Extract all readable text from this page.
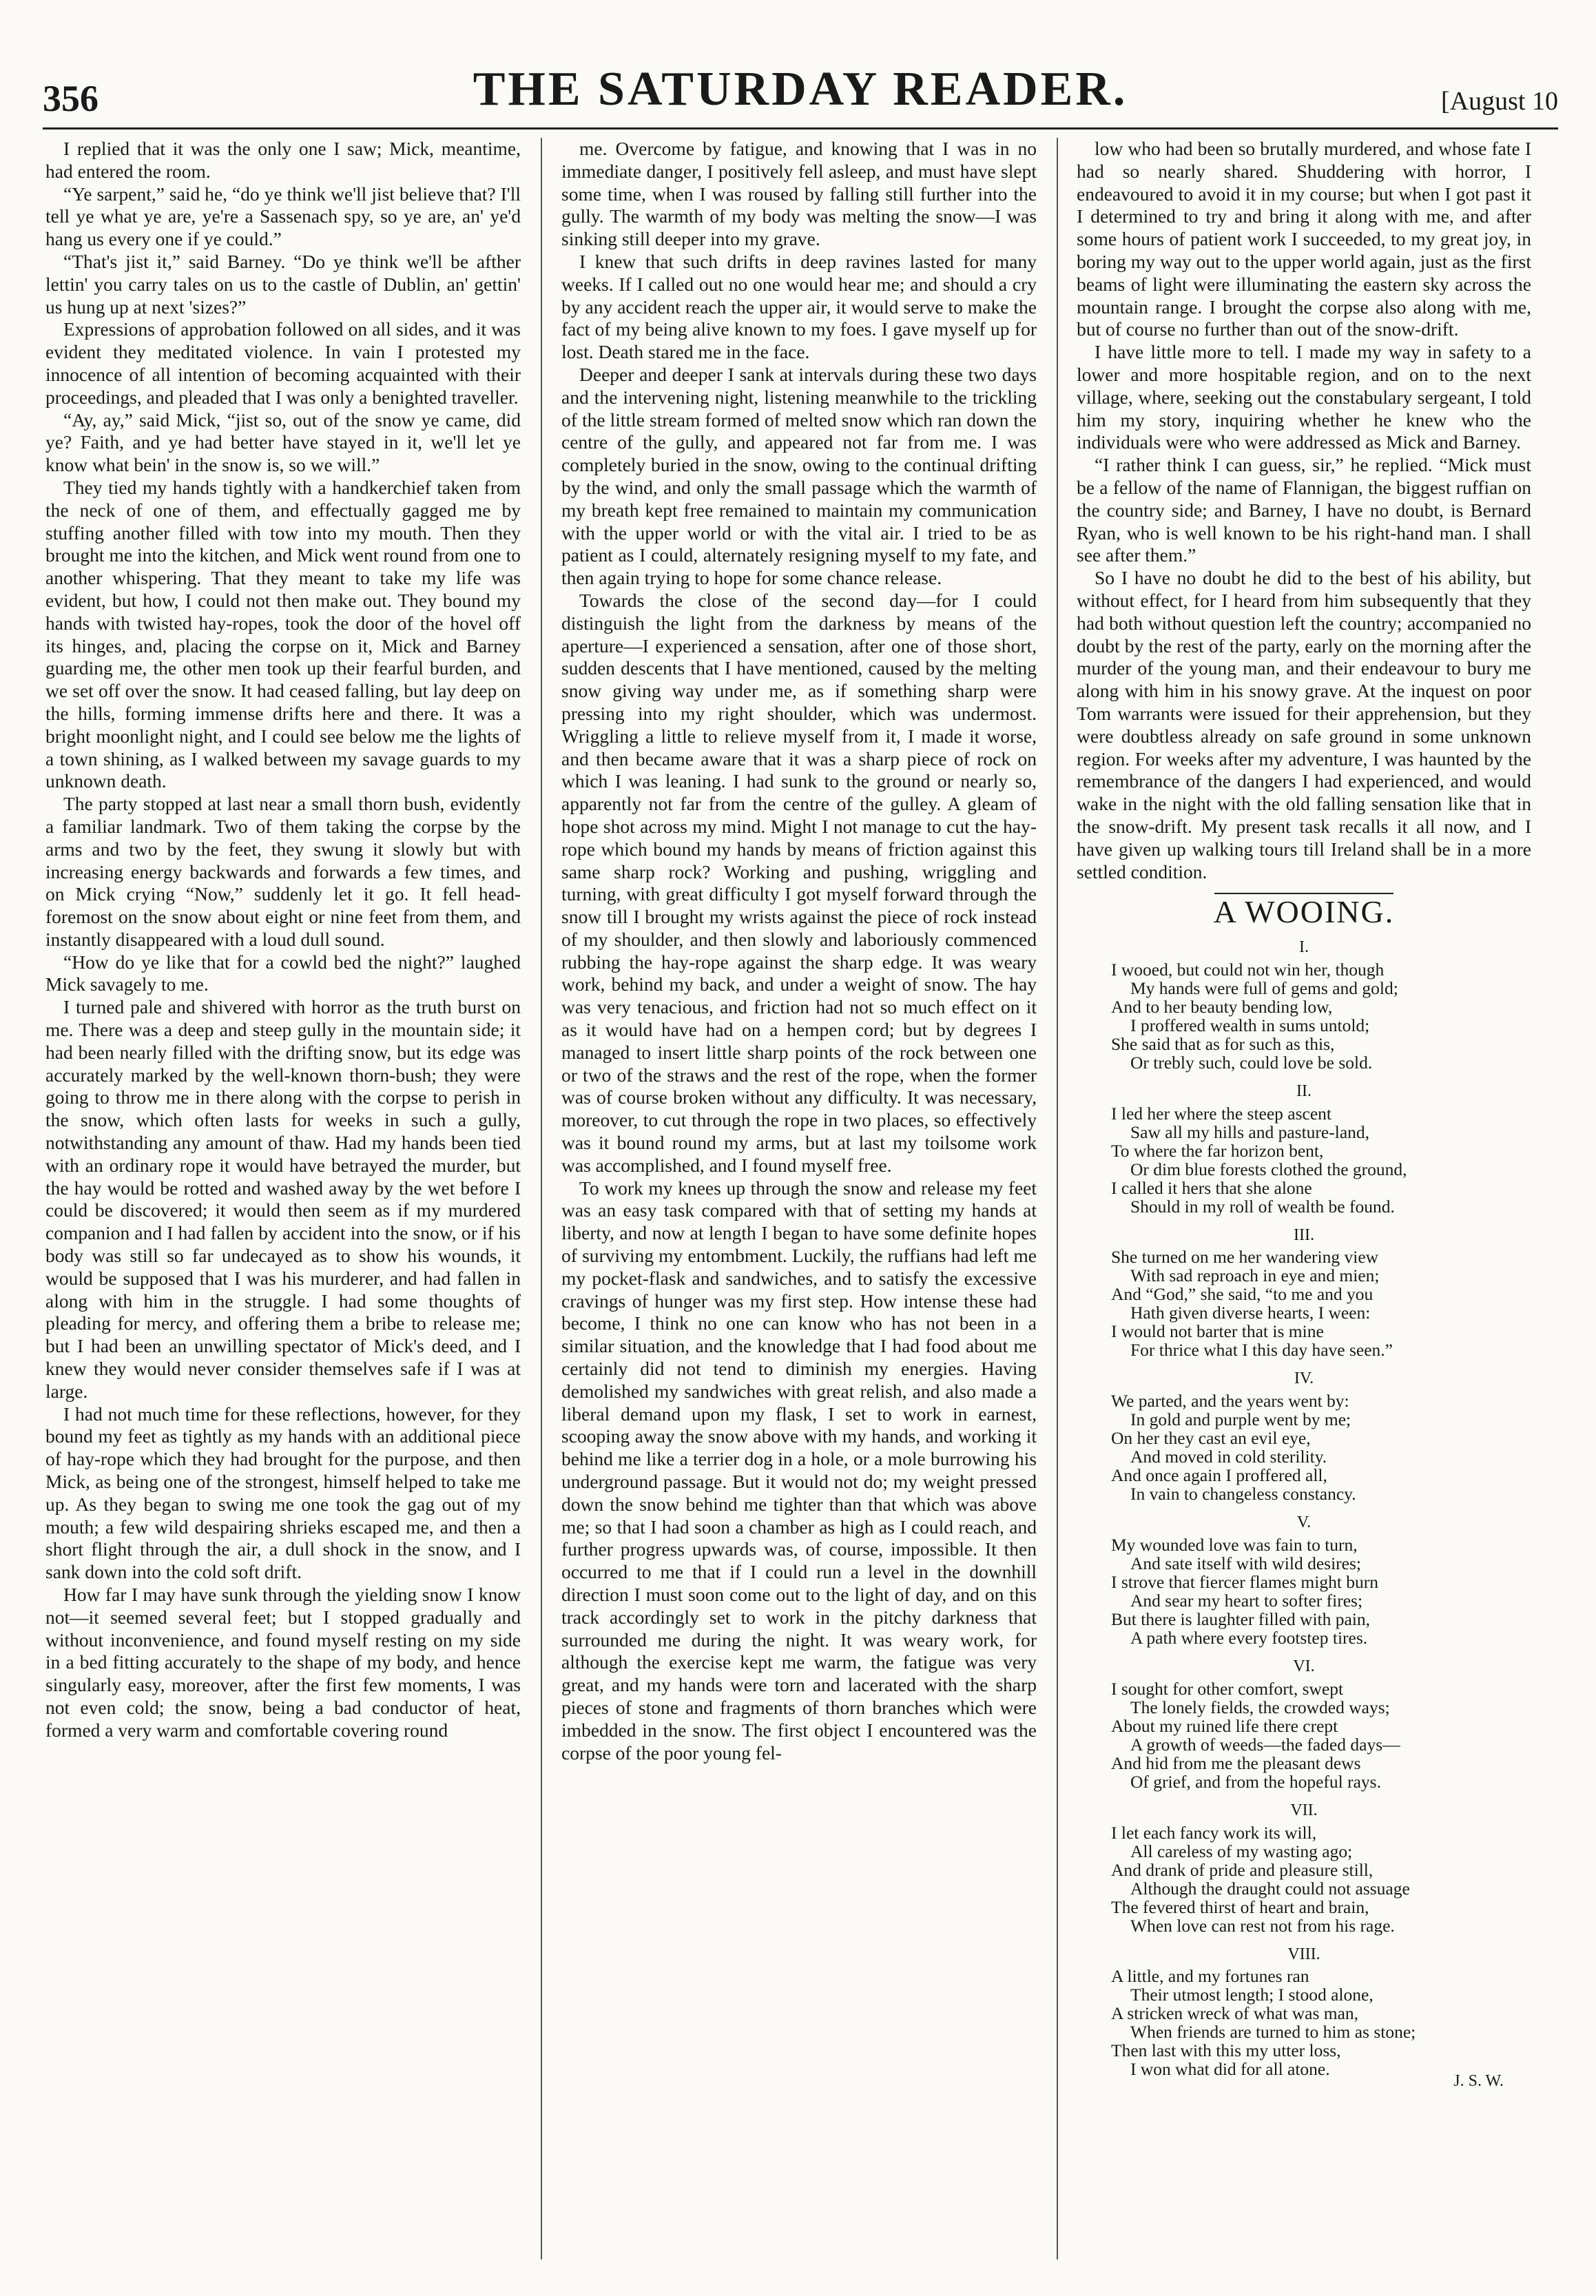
356	THE SATURDAY READER.	[August 10

I replied that it was the only one I saw; Mick, meantime, had entered the room.

“Ye sarpent,” said he, “do ye think we'll jist believe that? I'll tell ye what ye are, ye're a Sassenach spy, so ye are, an' ye'd hang us every one if ye could.”

“That's jist it,” said Barney. “Do ye think we'll be afther lettin' you carry tales on us to the castle of Dublin, an' gettin' us hung up at next 'sizes?”

Expressions of approbation followed on all sides, and it was evident they meditated violence. In vain I protested my innocence of all intention of becoming acquainted with their proceedings, and pleaded that I was only a benighted traveller.

“Ay, ay,” said Mick, “jist so, out of the snow ye came, did ye? Faith, and ye had better have stayed in it, we'll let ye know what bein' in the snow is, so we will.”

They tied my hands tightly with a handkerchief taken from the neck of one of them, and effectually gagged me by stuffing another filled with tow into my mouth. Then they brought me into the kitchen, and Mick went round from one to another whispering. That they meant to take my life was evident, but how, I could not then make out. They bound my hands with twisted hay-ropes, took the door of the hovel off its hinges, and, placing the corpse on it, Mick and Barney guarding me, the other men took up their fearful burden, and we set off over the snow. It had ceased falling, but lay deep on the hills, forming immense drifts here and there. It was a bright moonlight night, and I could see below me the lights of a town shining, as I walked between my savage guards to my unknown death.

The party stopped at last near a small thorn bush, evidently a familiar landmark. Two of them taking the corpse by the arms and two by the feet, they swung it slowly but with increasing energy backwards and forwards a few times, and on Mick crying “Now,” suddenly let it go. It fell head-foremost on the snow about eight or nine feet from them, and instantly disappeared with a loud dull sound.

“How do ye like that for a cowld bed the night?” laughed Mick savagely to me.

I turned pale and shivered with horror as the truth burst on me. There was a deep and steep gully in the mountain side; it had been nearly filled with the drifting snow, but its edge was accurately marked by the well-known thorn-bush; they were going to throw me in there along with the corpse to perish in the snow, which often lasts for weeks in such a gully, notwithstanding any amount of thaw. Had my hands been tied with an ordinary rope it would have betrayed the murder, but the hay would be rotted and washed away by the wet before I could be discovered; it would then seem as if my murdered companion and I had fallen by accident into the snow, or if his body was still so far undecayed as to show his wounds, it would be supposed that I was his murderer, and had fallen in along with him in the struggle. I had some thoughts of pleading for mercy, and offering them a bribe to release me; but I had been an unwilling spectator of Mick's deed, and I knew they would never consider themselves safe if I was at large.

I had not much time for these reflections, however, for they bound my feet as tightly as my hands with an additional piece of hay-rope which they had brought for the purpose, and then Mick, as being one of the strongest, himself helped to take me up. As they began to swing me one took the gag out of my mouth; a few wild despairing shrieks escaped me, and then a short flight through the air, a dull shock in the snow, and I sank down into the cold soft drift.

How far I may have sunk through the yielding snow I know not—it seemed several feet; but I stopped gradually and without inconvenience, and found myself resting on my side in a bed fitting accurately to the shape of my body, and hence singularly easy, moreover, after the first few moments, I was not even cold; the snow, being a bad conductor of heat, formed a very warm and comfortable covering round

me. Overcome by fatigue, and knowing that I was in no immediate danger, I positively fell asleep, and must have slept some time, when I was roused by falling still further into the gully. The warmth of my body was melting the snow—I was sinking still deeper into my grave.

I knew that such drifts in deep ravines lasted for many weeks. If I called out no one would hear me; and should a cry by any accident reach the upper air, it would serve to make the fact of my being alive known to my foes. I gave myself up for lost. Death stared me in the face.

Deeper and deeper I sank at intervals during these two days and the intervening night, listening meanwhile to the trickling of the little stream formed of melted snow which ran down the centre of the gully, and appeared not far from me. I was completely buried in the snow, owing to the continual drifting by the wind, and only the small passage which the warmth of my breath kept free remained to maintain my communication with the upper world or with the vital air. I tried to be as patient as I could, alternately resigning myself to my fate, and then again trying to hope for some chance release.

Towards the close of the second day—for I could distinguish the light from the darkness by means of the aperture—I experienced a sensation, after one of those short, sudden descents that I have mentioned, caused by the melting snow giving way under me, as if something sharp were pressing into my right shoulder, which was undermost. Wriggling a little to relieve myself from it, I made it worse, and then became aware that it was a sharp piece of rock on which I was leaning. I had sunk to the ground or nearly so, apparently not far from the centre of the gulley. A gleam of hope shot across my mind. Might I not manage to cut the hay-rope which bound my hands by means of friction against this same sharp rock? Working and pushing, wriggling and turning, with great difficulty I got myself forward through the snow till I brought my wrists against the piece of rock instead of my shoulder, and then slowly and laboriously commenced rubbing the hay-rope against the sharp edge. It was weary work, behind my back, and under a weight of snow. The hay was very tenacious, and friction had not so much effect on it as it would have had on a hempen cord; but by degrees I managed to insert little sharp points of the rock between one or two of the straws and the rest of the rope, when the former was of course broken without any difficulty. It was necessary, moreover, to cut through the rope in two places, so effectively was it bound round my arms, but at last my toilsome work was accomplished, and I found myself free.

To work my knees up through the snow and release my feet was an easy task compared with that of setting my hands at liberty, and now at length I began to have some definite hopes of surviving my entombment. Luckily, the ruffians had left me my pocket-flask and sandwiches, and to satisfy the excessive cravings of hunger was my first step. How intense these had become, I think no one can know who has not been in a similar situation, and the knowledge that I had food about me certainly did not tend to diminish my energies. Having demolished my sandwiches with great relish, and also made a liberal demand upon my flask, I set to work in earnest, scooping away the snow above with my hands, and working it behind me like a terrier dog in a hole, or a mole burrowing his underground passage. But it would not do; my weight pressed down the snow behind me tighter than that which was above me; so that I had soon a chamber as high as I could reach, and further progress upwards was, of course, impossible. It then occurred to me that if I could run a level in the downhill direction I must soon come out to the light of day, and on this track accordingly set to work in the pitchy darkness that surrounded me during the night. It was weary work, for although the exercise kept me warm, the fatigue was very great, and my hands were torn and lacerated with the sharp pieces of stone and fragments of thorn branches which were imbedded in the snow. The first object I encountered was the corpse of the poor young fel-

low who had been so brutally murdered, and whose fate I had so nearly shared. Shuddering with horror, I endeavoured to avoid it in my course; but when I got past it I determined to try and bring it along with me, and after some hours of patient work I succeeded, to my great joy, in boring my way out to the upper world again, just as the first beams of light were illuminating the eastern sky across the mountain range. I brought the corpse also along with me, but of course no further than out of the snow-drift.

I have little more to tell. I made my way in safety to a lower and more hospitable region, and on to the next village, where, seeking out the constabulary sergeant, I told him my story, inquiring whether he knew who the individuals were who were addressed as Mick and Barney.

“I rather think I can guess, sir,” he replied. “Mick must be a fellow of the name of Flannigan, the biggest ruffian on the country side; and Barney, I have no doubt, is Bernard Ryan, who is well known to be his right-hand man. I shall see after them.”

So I have no doubt he did to the best of his ability, but without effect, for I heard from him subsequently that they had both without question left the country; accompanied no doubt by the rest of the party, early on the morning after the murder of the young man, and their endeavour to bury me along with him in his snowy grave. At the inquest on poor Tom warrants were issued for their apprehension, but they were doubtless already on safe ground in some unknown region. For weeks after my adventure, I was haunted by the remembrance of the dangers I had experienced, and would wake in the night with the old falling sensation like that in the snow-drift. My present task recalls it all now, and I have given up walking tours till Ireland shall be in a more settled condition.

A WOOING.
I.
I wooed, but could not win her, though
My hands were full of gems and gold;
And to her beauty bending low,
I proffered wealth in sums untold;
She said that as for such as this,
Or trebly such, could love be sold.
II.
I led her where the steep ascent
Saw all my hills and pasture-land,
To where the far horizon bent,
Or dim blue forests clothed the ground,
I called it hers that she alone
Should in my roll of wealth be found.
III.
She turned on me her wandering view
With sad reproach in eye and mien;
And “God,” she said, “to me and you
Hath given diverse hearts, I ween:
I would not barter that is mine
For thrice what I this day have seen.”
IV.
We parted, and the years went by:
In gold and purple went by me;
On her they cast an evil eye,
And moved in cold sterility.
And once again I proffered all,
In vain to changeless constancy.
V.
My wounded love was fain to turn,
And sate itself with wild desires;
I strove that fiercer flames might burn
And sear my heart to softer fires;
But there is laughter filled with pain,
A path where every footstep tires.
VI.
I sought for other comfort, swept
The lonely fields, the crowded ways;
About my ruined life there crept
A growth of weeds—the faded days—
And hid from me the pleasant dews
Of grief, and from the hopeful rays.
VII.
I let each fancy work its will,
All careless of my wasting ago;
And drank of pride and pleasure still,
Although the draught could not assuage
The fevered thirst of heart and brain,
When love can rest not from his rage.
VIII.
A little, and my fortunes ran
Their utmost length; I stood alone,
A stricken wreck of what was man,
When friends are turned to him as stone;
Then last with this my utter loss,
I won what did for all atone.
J. S. W.
